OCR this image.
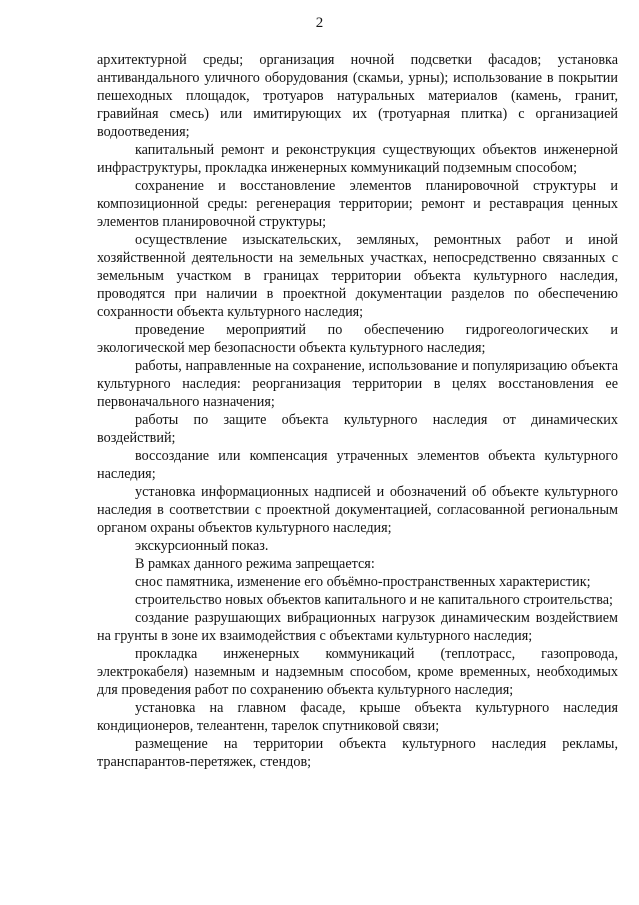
2

архитектурной среды; организация ночной подсветки фасадов; установка антивандального уличного оборудования (скамьи, урны); использование в покрытии пешеходных площадок, тротуаров натуральных материалов (камень, гранит, гравийная смесь) или имитирующих их (тротуарная плитка) с организацией водоотведения;

капитальный ремонт и реконструкция существующих объектов инженерной инфраструктуры, прокладка инженерных коммуникаций подземным способом;

сохранение и восстановление элементов планировочной структуры и композиционной среды: регенерация территории; ремонт и реставрация ценных элементов планировочной структуры;

осуществление изыскательских, земляных, ремонтных работ и иной хозяйственной деятельности на земельных участках, непосредственно связанных с земельным участком в границах территории объекта культурного наследия, проводятся при наличии в проектной документации разделов по обеспечению сохранности объекта культурного наследия;

проведение мероприятий по обеспечению гидрогеологических и экологической мер безопасности объекта культурного наследия;

работы, направленные на сохранение, использование и популяризацию объекта культурного наследия: реорганизация территории в целях восстановления ее первоначального назначения;

работы по защите объекта культурного наследия от динамических воздействий;

воссоздание или компенсация утраченных элементов объекта культурного наследия;

установка информационных надписей и обозначений об объекте культурного наследия в соответствии с проектной документацией, согласованной региональным органом охраны объектов культурного наследия;

экскурсионный показ.

В рамках данного режима запрещается:

снос памятника, изменение его объёмно-пространственных характеристик;

строительство новых объектов капитального и не капитального строительства;

создание разрушающих вибрационных нагрузок динамическим воздействием на грунты в зоне их взаимодействия с объектами культурного наследия;

прокладка инженерных коммуникаций (теплотрасс, газопровода, электрокабеля) наземным и надземным способом, кроме временных, необходимых для проведения работ по сохранению объекта культурного наследия;

установка на главном фасаде, крыше объекта культурного наследия кондиционеров, телеантенн, тарелок спутниковой связи;

размещение на территории объекта культурного наследия рекламы, транспарантов-перетяжек, стендов;
